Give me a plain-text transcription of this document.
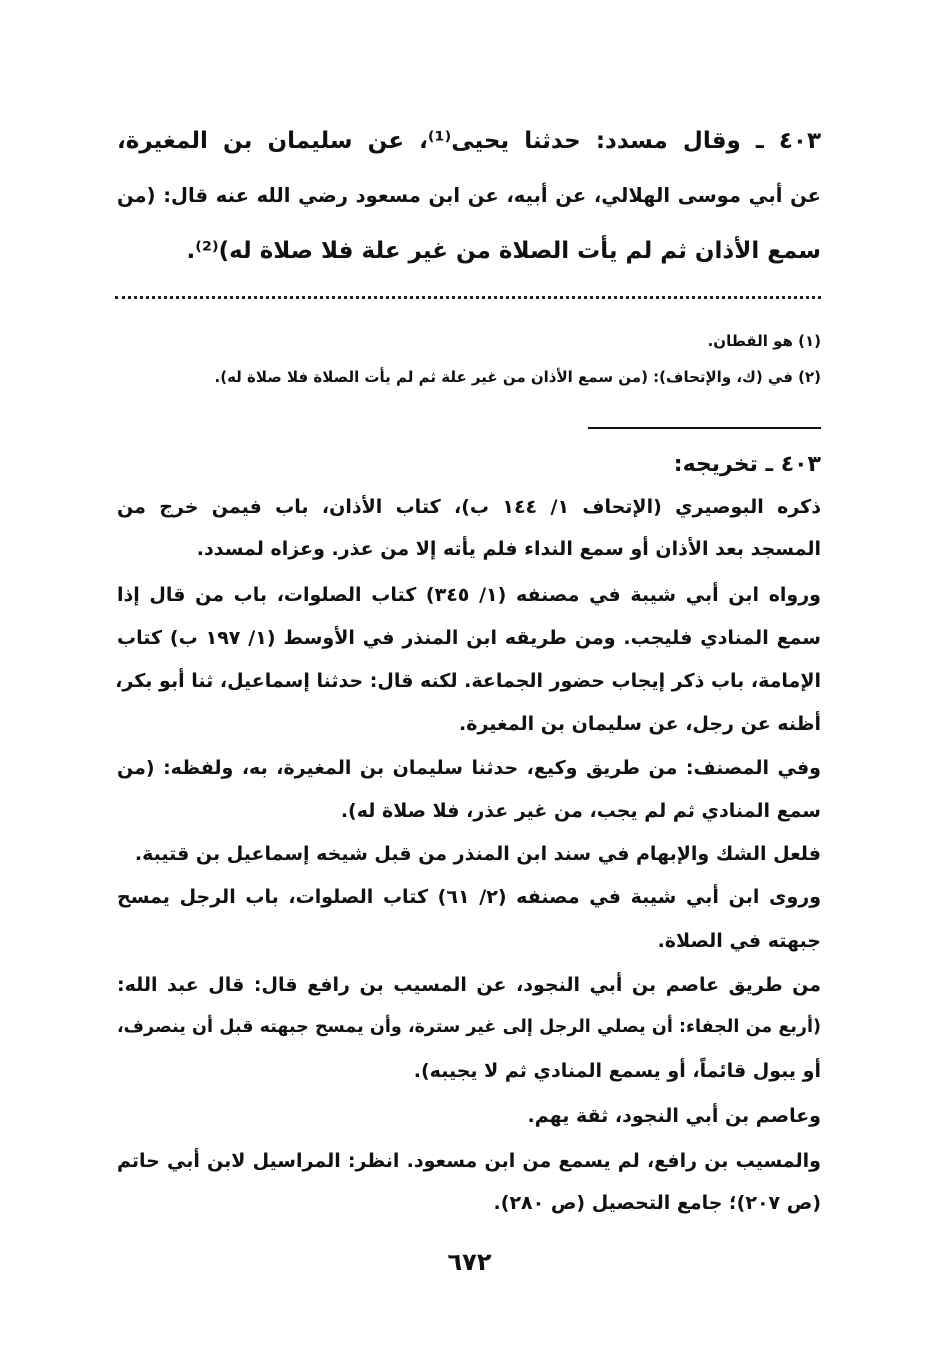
٤٠٣ ـ وقال مسدد: حدثنا يحيى⁽¹⁾، عن سليمان بن المغيرة،
عن أبي موسى الهلالي، عن أبيه، عن ابن مسعود رضي الله عنه قال: (من
سمع الأذان ثم لم يأت الصلاة من غير علة فلا صلاة له)⁽²⁾.
(١) هو القطان.
(٢) في (ك، والإتحاف): (من سمع الأذان من غير علة ثم لم يأت الصلاة فلا صلاة له).
٤٠٣ ـ تخريجه:
ذكره البوصيري (الإتحاف ١/ ١٤٤ ب)، كتاب الأذان، باب فيمن خرج من
المسجد بعد الأذان أو سمع النداء فلم يأته إلا من عذر. وعزاه لمسدد.
ورواه ابن أبي شيبة في مصنفه (١/ ٣٤٥) كتاب الصلوات، باب من قال إذا
سمع المنادي فليجب. ومن طريقه ابن المنذر في الأوسط (١/ ١٩٧ ب) كتاب
الإمامة، باب ذكر إيجاب حضور الجماعة. لكنه قال: حدثنا إسماعيل، ثنا أبو بكر،
أظنه عن رجل، عن سليمان بن المغيرة.
وفي المصنف: من طريق وكيع، حدثنا سليمان بن المغيرة، به، ولفظه: (من
سمع المنادي ثم لم يجب، من غير عذر، فلا صلاة له).
فلعل الشك والإبهام في سند ابن المنذر من قبل شيخه إسماعيل بن قتيبة.
وروى ابن أبي شيبة في مصنفه (٢/ ٦١) كتاب الصلوات، باب الرجل يمسح
جبهته في الصلاة.
من طريق عاصم بن أبي النجود، عن المسيب بن رافع قال: قال عبد الله:
(أربع من الجفاء: أن يصلي الرجل إلى غير سترة، وأن يمسح جبهته قبل أن ينصرف،
أو يبول قائماً، أو يسمع المنادي ثم لا يجيبه).
وعاصم بن أبي النجود، ثقة يهم.
والمسيب بن رافع، لم يسمع من ابن مسعود. انظر: المراسيل لابن أبي حاتم
(ص ٢٠٧)؛ جامع التحصيل (ص ٢٨٠).
٦٧٢
